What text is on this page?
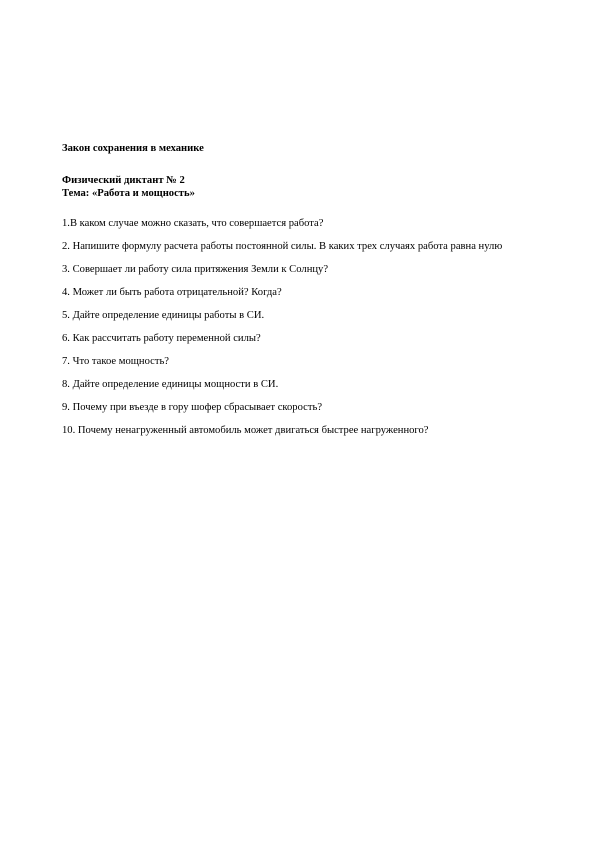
Закон сохранения в механике

Физический диктант № 2

Тема: «Работа и мощность»

1.В каком случае можно сказать, что совершается работа?
2. Напишите формулу расчета работы постоянной силы. В каких трех случаях работа равна нулю
3. Совершает ли работу сила притяжения Земли к Солнцу?
4. Может ли быть работа отрицательной? Когда?
5. Дайте определение единицы работы в СИ.
6. Как рассчитать работу переменной силы?
7. Что такое мощность?
8. Дайте определение единицы мощности в СИ.
9. Почему при въезде в гору шофер сбрасывает скорость?
10. Почему ненагруженный автомобиль может двигаться быстрее нагруженного?
